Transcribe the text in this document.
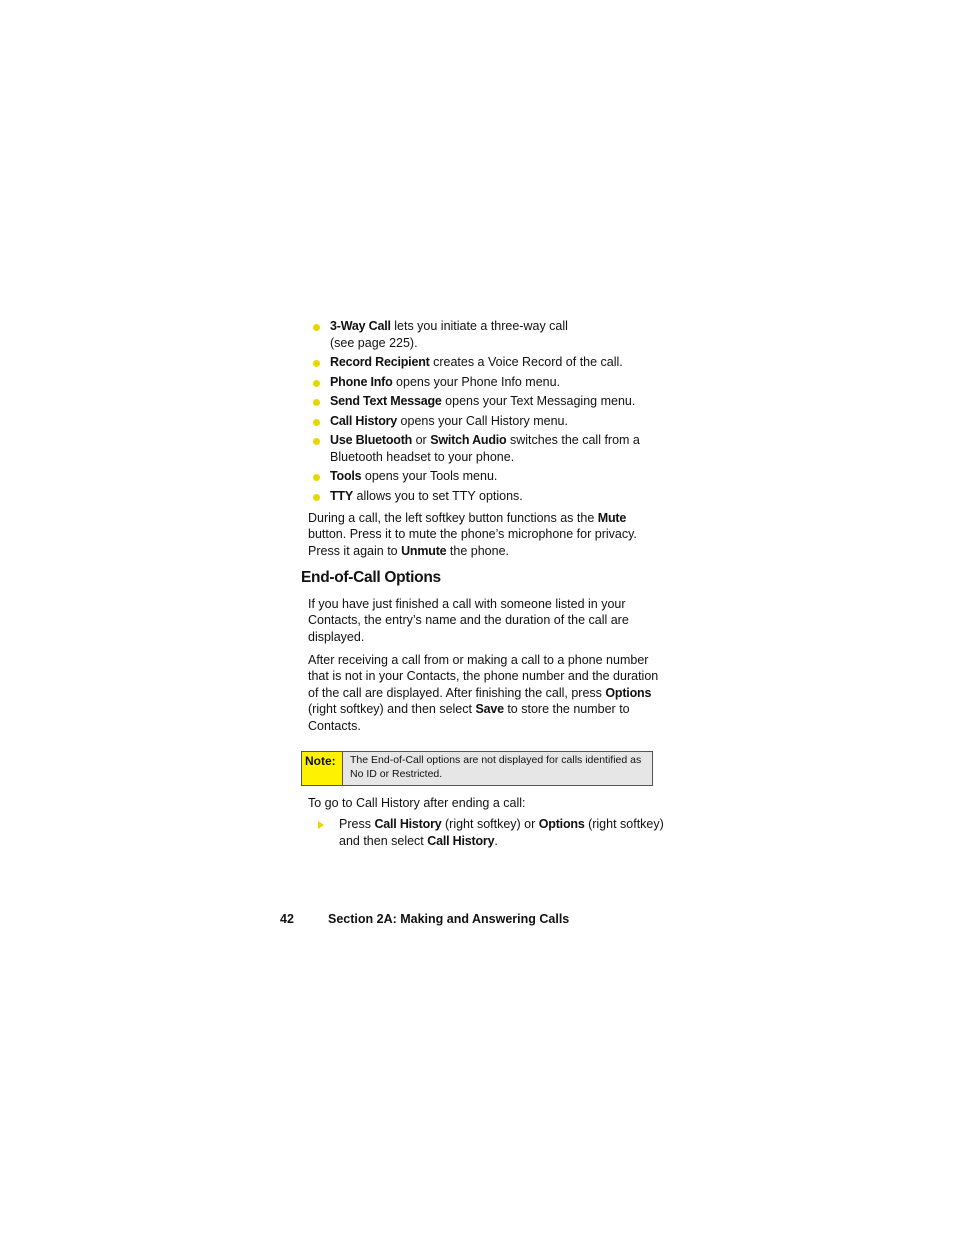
3-Way Call lets you initiate a three-way call
(see page 225).
Record Recipient creates a Voice Record of the call.
Phone Info opens your Phone Info menu.
Send Text Message opens your Text Messaging menu.
Call History opens your Call History menu.
Use Bluetooth or Switch Audio switches the call from a
Bluetooth headset to your phone.
Tools opens your Tools menu.
TTY allows you to set TTY options.

During a call, the left softkey button functions as the Mute button. Press it to mute the phone’s microphone for privacy. Press it again to Unmute the phone.

End-of-Call Options

If you have just finished a call with someone listed in your Contacts, the entry’s name and the duration of the call are displayed.

After receiving a call from or making a call to a phone number that is not in your Contacts, the phone number and the duration of the call are displayed. After finishing the call, press Options (right softkey) and then select Save to store the number to Contacts.

Note:	The End-of-Call options are not displayed for calls identified as No ID or Restricted.

To go to Call History after ending a call:

Press Call History (right softkey) or Options (right softkey) and then select Call History.
42	Section 2A: Making and Answering Calls
